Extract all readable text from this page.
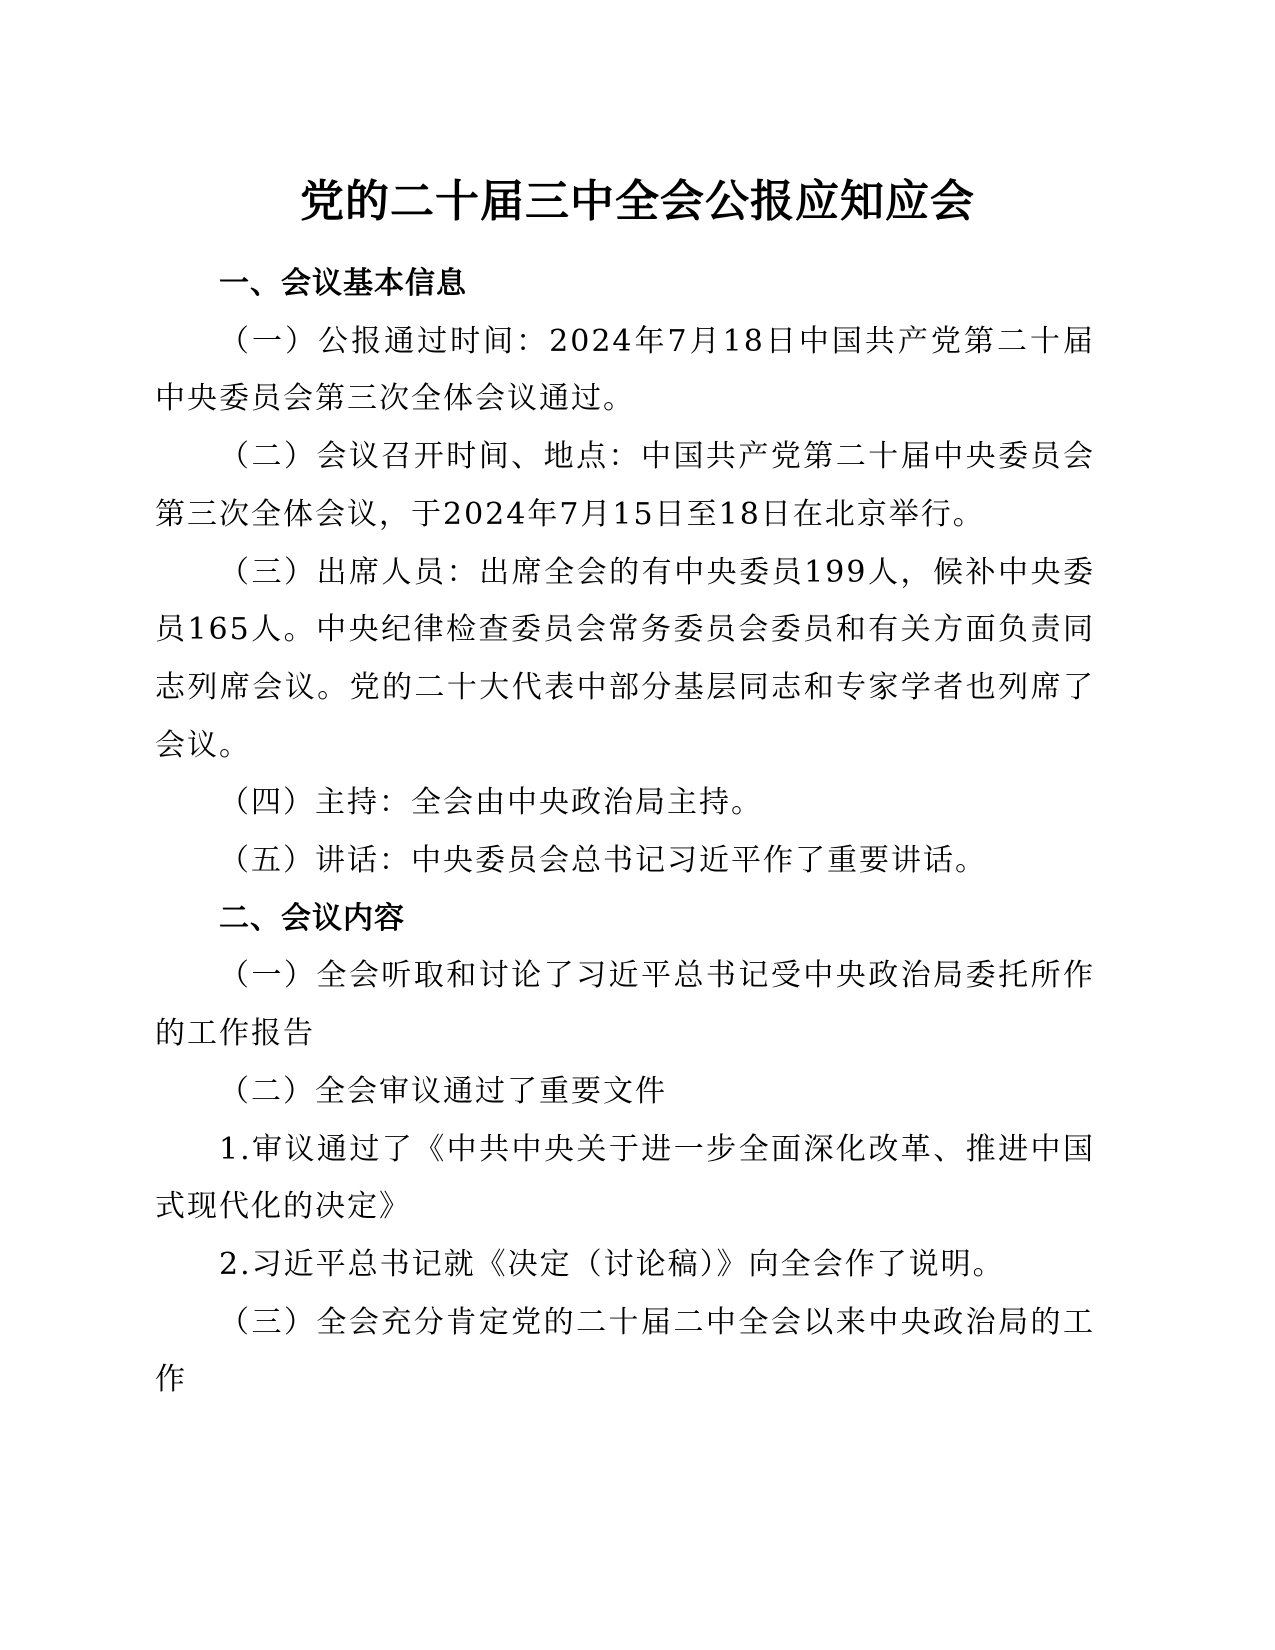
党的二十届三中全会公报应知应会

一、会议基本信息

（一）公报通过时间：2024年7月18日中国共产党第二十届中央委员会第三次全体会议通过。

（二）会议召开时间、地点：中国共产党第二十届中央委员会第三次全体会议，于2024年7月15日至18日在北京举行。

（三）出席人员：出席全会的有中央委员199人，候补中央委员165人。中央纪律检查委员会常务委员会委员和有关方面负责同志列席会议。党的二十大代表中部分基层同志和专家学者也列席了会议。

（四）主持：全会由中央政治局主持。

（五）讲话：中央委员会总书记习近平作了重要讲话。

二、会议内容

（一）全会听取和讨论了习近平总书记受中央政治局委托所作的工作报告

（二）全会审议通过了重要文件

1.审议通过了《中共中央关于进一步全面深化改革、推进中国式现代化的决定》

2.习近平总书记就《决定（讨论稿）》向全会作了说明。

（三）全会充分肯定党的二十届二中全会以来中央政治局的工作
